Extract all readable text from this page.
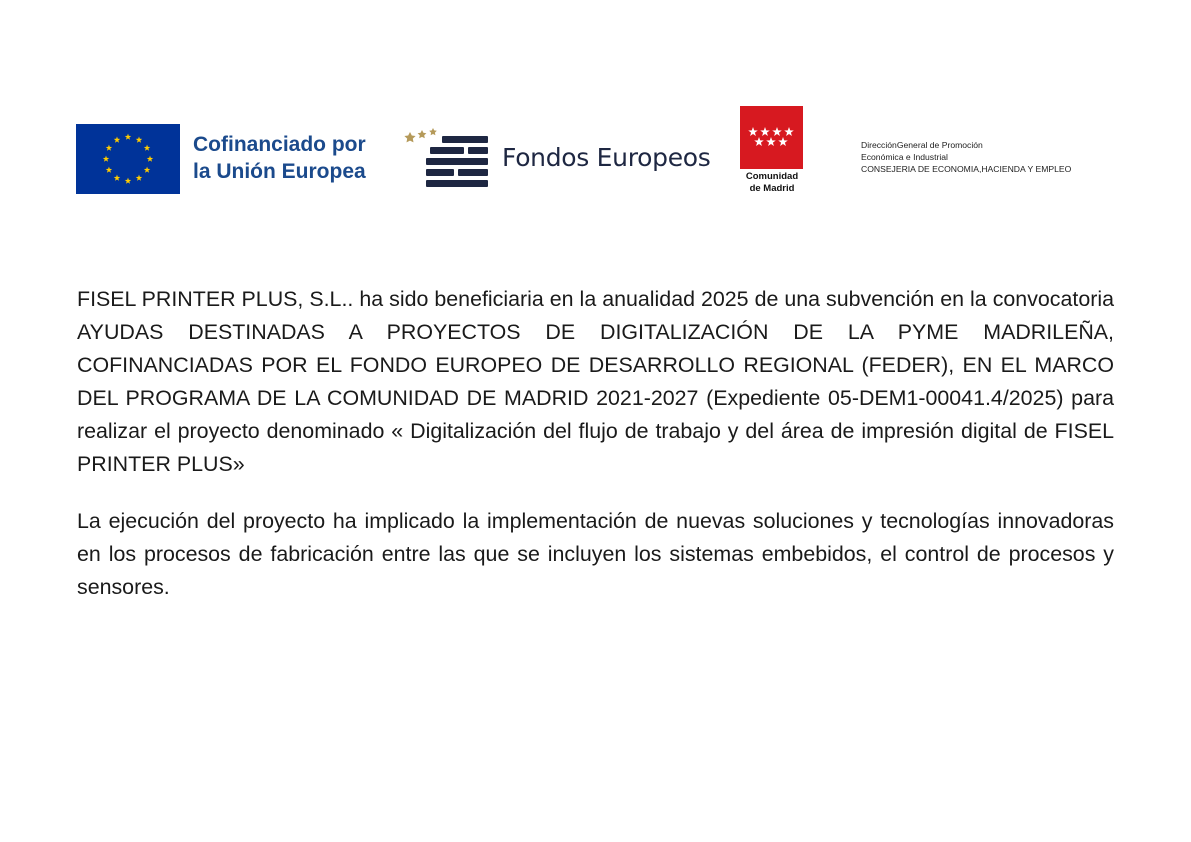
Cofinanciado por
la Unión Europea	Fondos Europeos
Comunidad
de Madrid
DirecciónGeneral de Promoción
Económica e Industrial
CONSEJERIA DE ECONOMIA,HACIENDA Y EMPLEO

FISEL PRINTER PLUS, S.L.. ha sido beneficiaria en la anualidad 2025 de una subvención en la convocatoria AYUDAS DESTINADAS A PROYECTOS DE DIGITALIZACIÓN DE LA PYME MADRILEÑA, COFINANCIADAS POR EL FONDO EUROPEO DE DESARROLLO REGIONAL (FEDER), EN EL MARCO DEL PROGRAMA DE LA COMUNIDAD DE MADRID 2021-2027 (Expediente 05-DEM1-00041.4/2025) para realizar el proyecto denominado « Digitalización del flujo de trabajo y del área de impresión digital de FISEL PRINTER PLUS»

La ejecución del proyecto ha implicado la implementación de nuevas soluciones y tecnologías innovadoras en los procesos de fabricación entre las que se incluyen los sistemas embebidos, el control de procesos y sensores.
